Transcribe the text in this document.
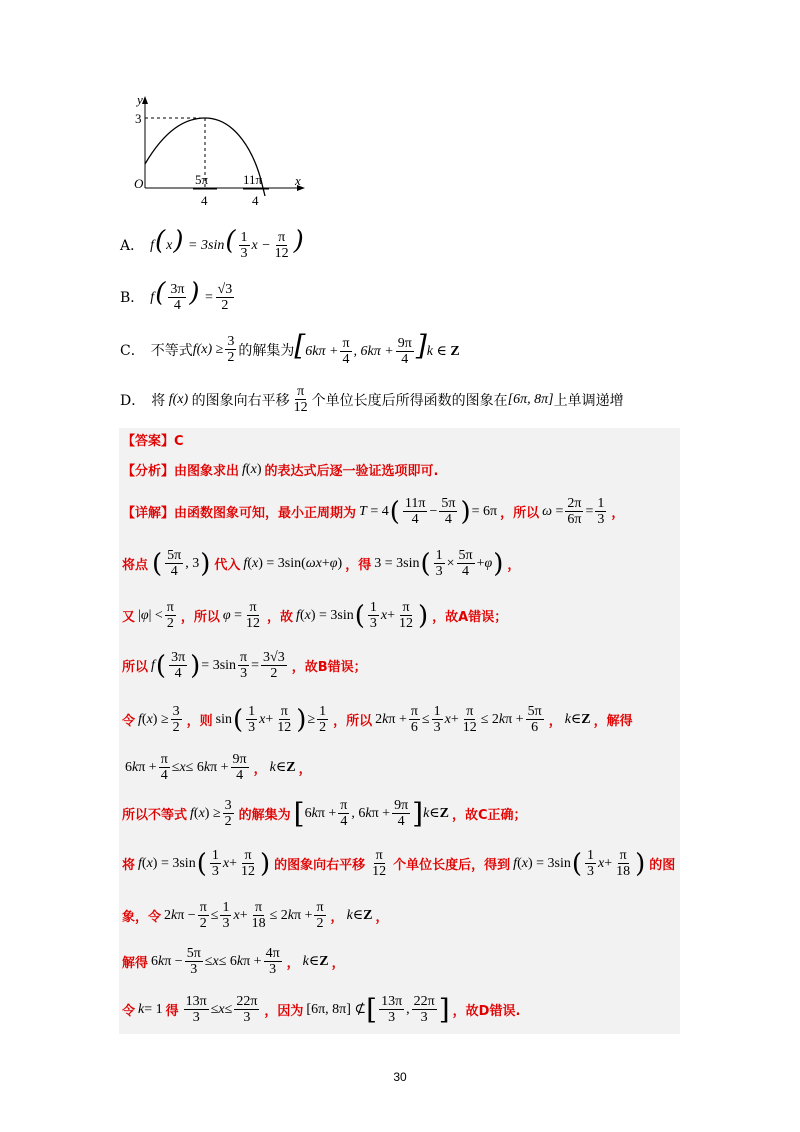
y
x
O
3
5π
4
11π
4
A． $f(x) = 3\sin( \frac{1}{3}$ $x - \frac{\pi}{12}$ )
B． $f( \frac{3\pi}{4}$ ) = $\frac{√3}{2}$
C． 不等式 $f(x) \ge \frac{3}{2}$ 的解集为 [$6k\pi + \frac{\pi}{4}$ , $6k\pi + \frac{9\pi}{4} ]k$ ∈ Z
D． 将 f(x) 的图象向右平移 $\frac{\pi}{12}$ 个单位长度后所得函数的图象在 [6π, 8π] 上单调递增
【答案】C
【分析】 由图象求出 f ( x ) 的表达式后逐一验证选项即可.
【详解】 由函数图象可知，最小正周期为 T = 4 ( $\frac{11\pi}{4} - \frac{5\pi}{4}$ ) = 6π ，所以 $\omega = \frac{2\pi}{6\pi} = \frac{1}{3}$ ，
将点 ( $\frac{5\pi}{4}$ , 3 ) 代入 f ( x ) = 3sin( ωx + φ ) ，得 3 = 3sin ( $\frac{1}{3} \times \frac{5\pi}{4} + \varphi$ ) ，
又 | φ | < $\frac{\pi}{2}$ ，所以 $\varphi = \frac{\pi}{12}$ ，故 f ( x ) = 3sin ( $\frac{1}{3}$ $x + \frac{\pi}{12}$ ) ，故A错误；
所以 f ( $\frac{3\pi}{4}$ ) = $3\sin \frac{\pi}{3} = \frac{3√3}{2}$ ，故B错误；
令 f ( x ) ≥ $\frac{3}{2}$ ，则 sin ( $\frac{1}{3}$ $x + \frac{\pi}{12}$ ) ≥ $\frac{1}{2}$ ，所以 2 k $\pi + \frac{\pi}{6} \le \frac{1}{3}$ $x + \frac{\pi}{12} \le 2$ k $\pi + \frac{5\pi}{6}$ ， k ∈ Z ，解得
6 k $\pi + \frac{\pi}{4} \le x \le 6$ k $\pi + \frac{9\pi}{4}$ ， k ∈ Z ，
所以不等式 f ( x ) ≥ $\frac{3}{2}$ 的解集为 [ 6 k $\pi + \frac{\pi}{4}$ , 6 k $\pi + \frac{9\pi}{4}$ ] k ∈ Z ，故C正确；
将 f ( x ) = 3sin ( $\frac{1}{3}$ $x + \frac{\pi}{12}$ ) 的图象向右平移 $\frac{\pi}{12}$ 个单位长度后，得到 f ( x ) = 3sin ( $\frac{1}{3}$ $x + \frac{\pi}{18}$ ) 的图
象，令 2 k $\pi - \frac{\pi}{2} \le \frac{1}{3}$ $x + \frac{\pi}{18} \le 2$ k $\pi + \frac{\pi}{2}$ ， k ∈ Z ，
解得 6 k $\pi - \frac{5\pi}{3} \le x \le 6$ k $\pi + \frac{4\pi}{3}$ ， k ∈ Z ，
令 k = 1 得 $\frac{13\pi}{3} \le x \le \frac{22\pi}{3}$ ，因为 [6π, 8π] ⊄ [ $\frac{13\pi}{3}$ , $\frac{22\pi}{3}$ ] ，故D错误.
30
